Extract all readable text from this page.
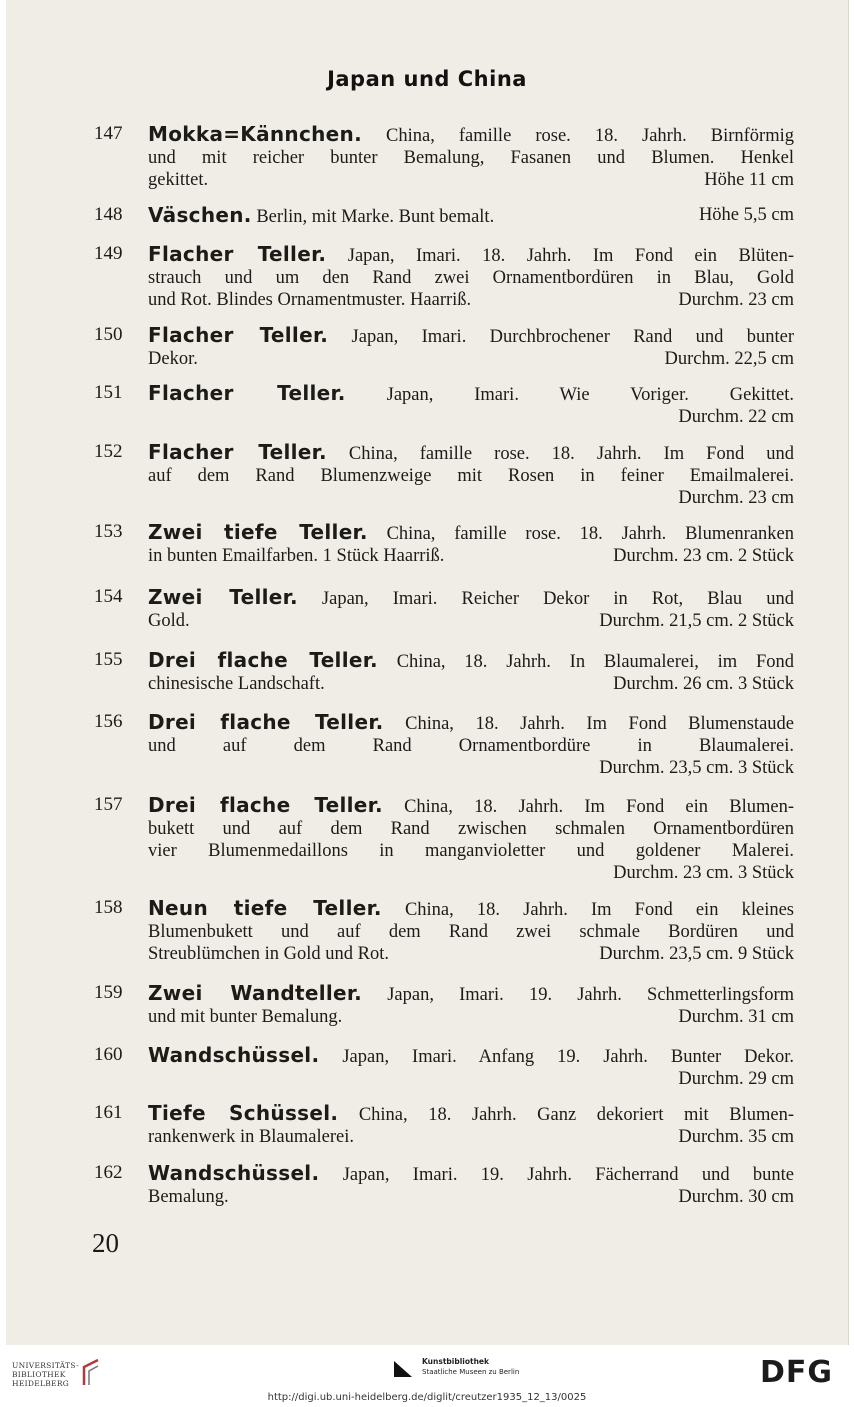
Japan und China
147	Mokka=Kännchen. China, famille rose. 18. Jahrh. Birnförmig
und mit reicher bunter Bemalung, Fasanen und Blumen. Henkel
gekittet.	Höhe 11 cm
148	Väschen. Berlin, mit Marke. Bunt bemalt.	Höhe 5,5 cm
149	Flacher Teller. Japan, Imari. 18. Jahrh. Im Fond ein Blüten-
strauch und um den Rand zwei Ornamentbordüren in Blau, Gold
und Rot. Blindes Ornamentmuster. Haarriß.	Durchm. 23 cm
150	Flacher Teller. Japan, Imari. Durchbrochener Rand und bunter
Dekor.	Durchm. 22,5 cm
151	Flacher Teller. Japan, Imari. Wie Voriger. Gekittet.
Durchm. 22 cm
152	Flacher Teller. China, famille rose. 18. Jahrh. Im Fond und
auf dem Rand Blumenzweige mit Rosen in feiner Emailmalerei.
Durchm. 23 cm
153	Zwei tiefe Teller. China, famille rose. 18. Jahrh. Blumenranken
in bunten Emailfarben. 1 Stück Haarriß.	Durchm. 23 cm. 2 Stück
154	Zwei Teller. Japan, Imari. Reicher Dekor in Rot, Blau und
Gold.	Durchm. 21,5 cm. 2 Stück
155	Drei flache Teller. China, 18. Jahrh. In Blaumalerei, im Fond
chinesische Landschaft.	Durchm. 26 cm. 3 Stück
156	Drei flache Teller. China, 18. Jahrh. Im Fond Blumenstaude
und auf dem Rand Ornamentbordüre in Blaumalerei.
Durchm. 23,5 cm. 3 Stück
157	Drei flache Teller. China, 18. Jahrh. Im Fond ein Blumen-
bukett und auf dem Rand zwischen schmalen Ornamentbordüren
vier Blumenmedaillons in manganvioletter und goldener Malerei.
Durchm. 23 cm. 3 Stück
158	Neun tiefe Teller. China, 18. Jahrh. Im Fond ein kleines
Blumenbukett und auf dem Rand zwei schmale Bordüren und
Streublümchen in Gold und Rot.	Durchm. 23,5 cm. 9 Stück
159	Zwei Wandteller. Japan, Imari. 19. Jahrh. Schmetterlingsform
und mit bunter Bemalung.	Durchm. 31 cm
160	Wandschüssel. Japan, Imari. Anfang 19. Jahrh. Bunter Dekor.
Durchm. 29 cm
161	Tiefe Schüssel. China, 18. Jahrh. Ganz dekoriert mit Blumen-
rankenwerk in Blaumalerei.	Durchm. 35 cm
162	Wandschüssel. Japan, Imari. 19. Jahrh. Fächerrand und bunte
Bemalung.	Durchm. 30 cm
20
UNIVERSITÄTS-
BIBLIOTHEK
HEIDELBERG
Kunstbibliothek
Staatliche Museen zu Berlin	DFG
http://digi.ub.uni-heidelberg.de/diglit/creutzer1935_12_13/0025
